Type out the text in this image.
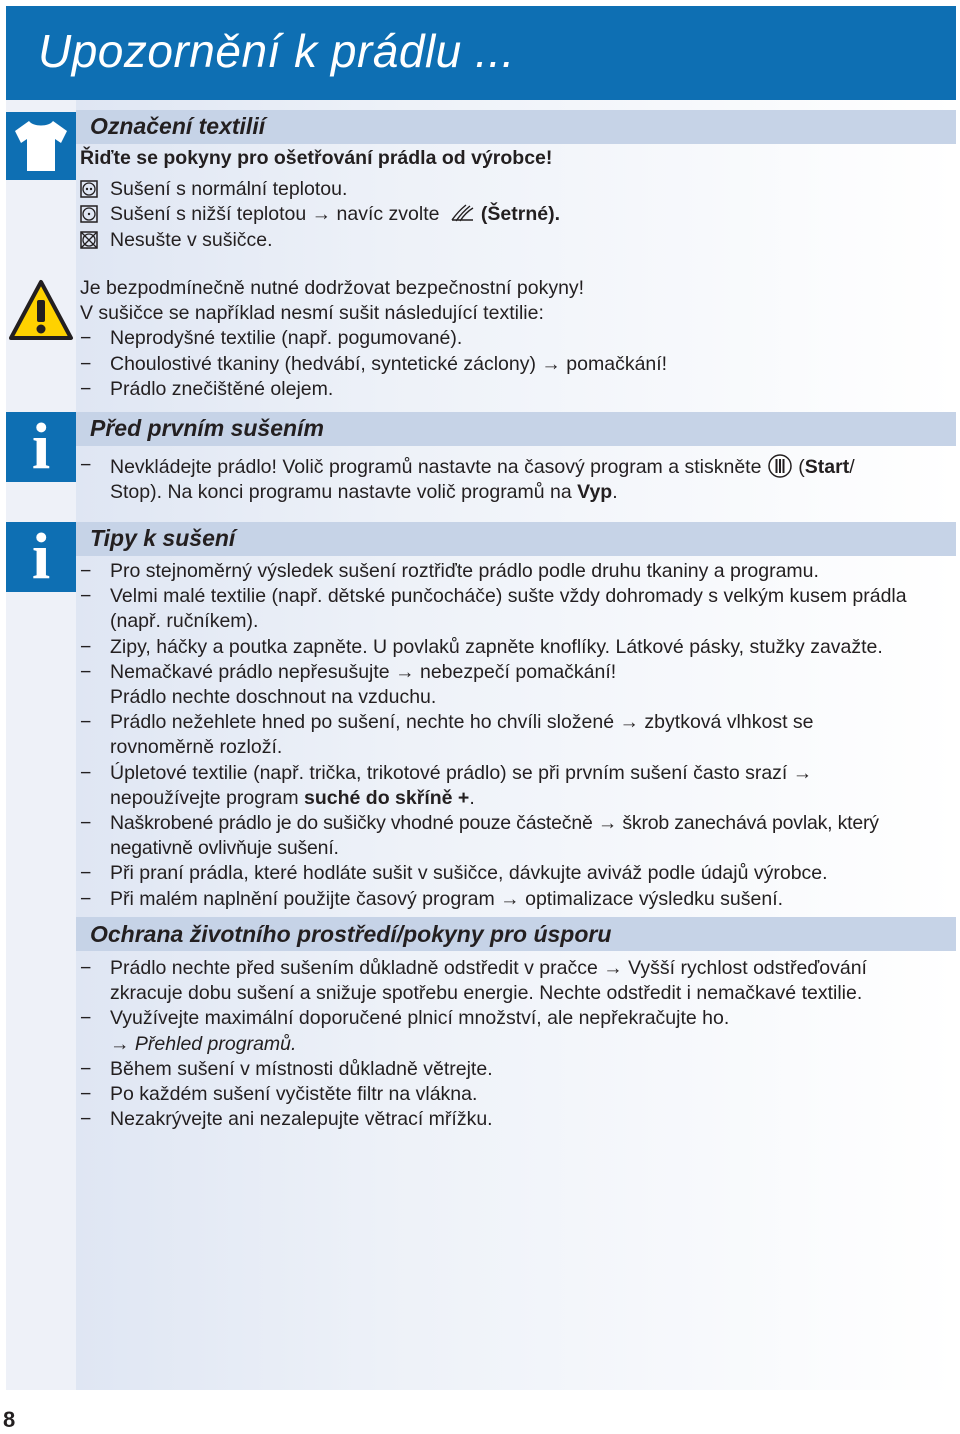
Upozornění k prádlu ...
i
i
Označení textilií

Řiďte se pokyny pro ošetřování prádla od výrobce!

Sušení s normální teplotou.

Sušení s nižší teplotou → navíc zvolte (Šetrné).

Nesušte v sušičce.

Je bezpodmínečně nutné dodržovat bezpečnostní pokyny!

V sušičce se například nesmí sušit následující textilie:

− Neprodyšné textilie (např. pogumované).

− Choulostivé tkaniny (hedvábí, syntetické záclony) → pomačkání!

− Prádlo znečištěné olejem.

Před prvním sušením

− Nevkládejte prádlo! Volič programů nastavte na časový program a stiskněte  (Start/
Stop). Na konci programu nastavte volič programů na Vyp.

Tipy k sušení

− Pro stejnoměrný výsledek sušení roztřiďte prádlo podle druhu tkaniny a programu.

− Velmi malé textilie (např. dětské punčocháče) sušte vždy dohromady s velkým kusem prádla (např. ručníkem).

− Zipy, háčky a poutka zapněte. U povlaků zapněte knoflíky. Látkové pásky, stužky zavažte.

− Nemačkavé prádlo nepřesušujte → nebezpečí pomačkání!
Prádlo nechte doschnout na vzduchu.

− Prádlo nežehlete hned po sušení, nechte ho chvíli složené → zbytková vlhkost se rovnoměrně rozloží.

− Úpletové textilie (např. trička, trikotové prádlo) se při prvním sušení často srazí → nepoužívejte program suché do skříně +.

− Naškrobené prádlo je do sušičky vhodné pouze částečně → škrob zanechává povlak, který negativně ovlivňuje sušení.

− Při praní prádla, které hodláte sušit v sušičce, dávkujte aviváž podle údajů výrobce.

− Při malém naplnění použijte časový program → optimalizace výsledku sušení.

Ochrana životního prostředí/pokyny pro úsporu

− Prádlo nechte před sušením důkladně odstředit v pračce → Vyšší rychlost odstřeďování zkracuje dobu sušení a snižuje spotřebu energie. Nechte odstředit i nemačkavé textilie.

− Využívejte maximální doporučené plnicí množství, ale nepřekračujte ho.
→ Přehled programů.

− Během sušení v místnosti důkladně větrejte.

− Po každém sušení vyčistěte filtr na vlákna.

− Nezakrývejte ani nezalepujte větrací mřížku.

8
